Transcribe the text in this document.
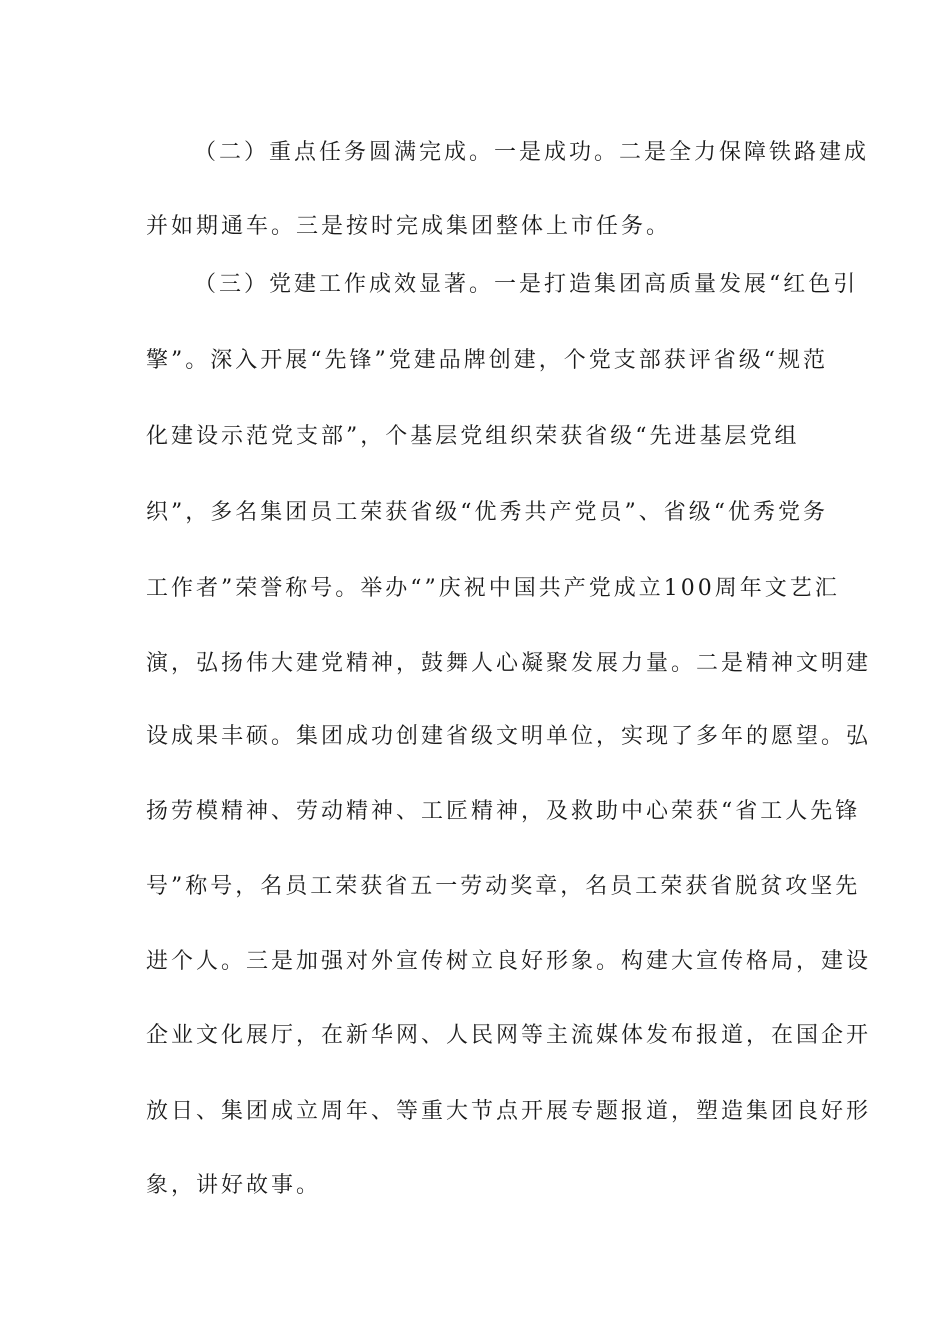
（二）重点任务圆满完成。一是成功。二是全力保障铁路建成
并如期通车。三是按时完成集团整体上市任务。
（三）党建工作成效显著。一是打造集团高质量发展“红色引
擎”。深入开展“先锋”党建品牌创建，个党支部获评省级“规范
化建设示范党支部”，个基层党组织荣获省级“先进基层党组
织”，多名集团员工荣获省级“优秀共产党员”、省级“优秀党务
工作者”荣誉称号。举办“”庆祝中国共产党成立100周年文艺汇
演，弘扬伟大建党精神，鼓舞人心凝聚发展力量。二是精神文明建
设成果丰硕。集团成功创建省级文明单位，实现了多年的愿望。弘
扬劳模精神、劳动精神、工匠精神，及救助中心荣获“省工人先锋
号”称号，名员工荣获省五一劳动奖章，名员工荣获省脱贫攻坚先
进个人。三是加强对外宣传树立良好形象。构建大宣传格局，建设
企业文化展厅，在新华网、人民网等主流媒体发布报道，在国企开
放日、集团成立周年、等重大节点开展专题报道，塑造集团良好形
象，讲好故事。
